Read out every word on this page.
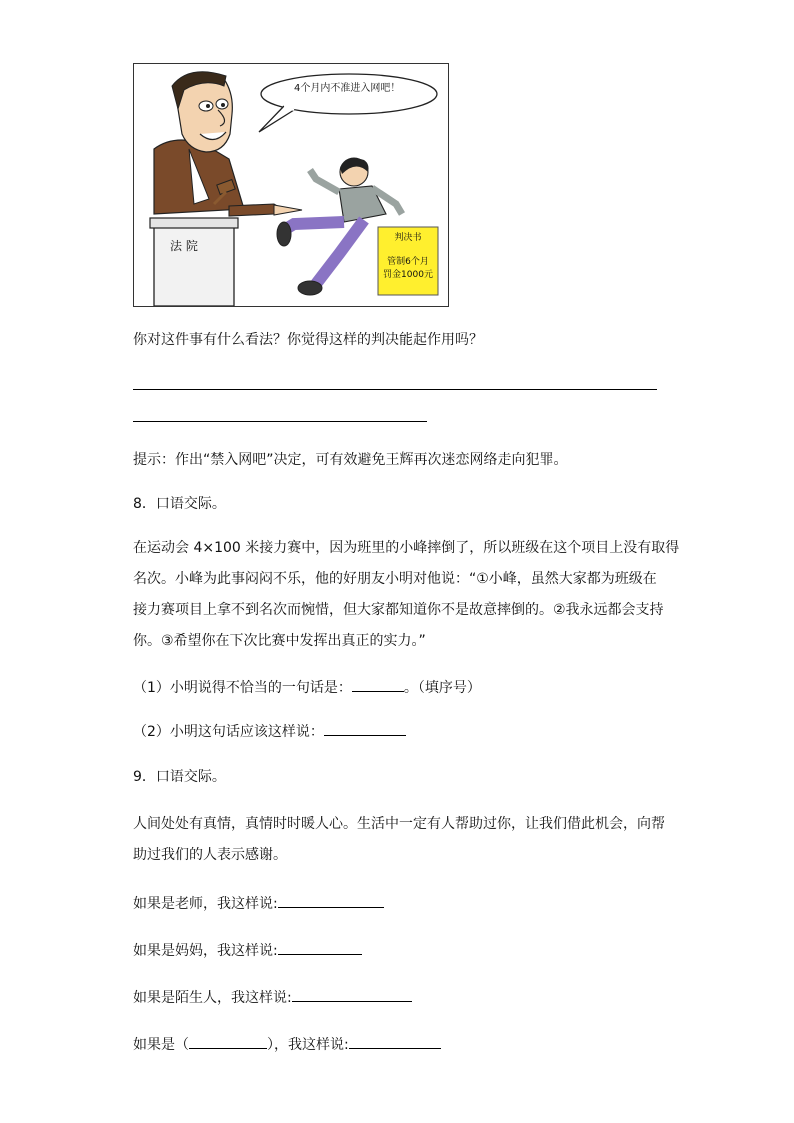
4个月内不准进入网吧！
法 院
判决书
管制6个月
罚金1000元
你对这件事有什么看法？你觉得这样的判决能起作用吗？
提示：作出“禁入网吧”决定，可有效避免王辉再次迷恋网络走向犯罪。
8．口语交际。
在运动会 4×100 米接力赛中，因为班里的小峰摔倒了，所以班级在这个项目上没有取得
名次。小峰为此事闷闷不乐，他的好朋友小明对他说：“①小峰，虽然大家都为班级在
接力赛项目上拿不到名次而惋惜，但大家都知道你不是故意摔倒的。②我永远都会支持
你。③希望你在下次比赛中发挥出真正的实力。”
（1）小明说得不恰当的一句话是：	。（填序号）
（2）小明这句话应该这样说：
9．口语交际。
人间处处有真情，真情时时暖人心。生活中一定有人帮助过你，让我们借此机会，向帮
助过我们的人表示感谢。
如果是老师，我这样说:
如果是妈妈，我这样说:
如果是陌生人，我这样说:
如果是（	），我这样说:
